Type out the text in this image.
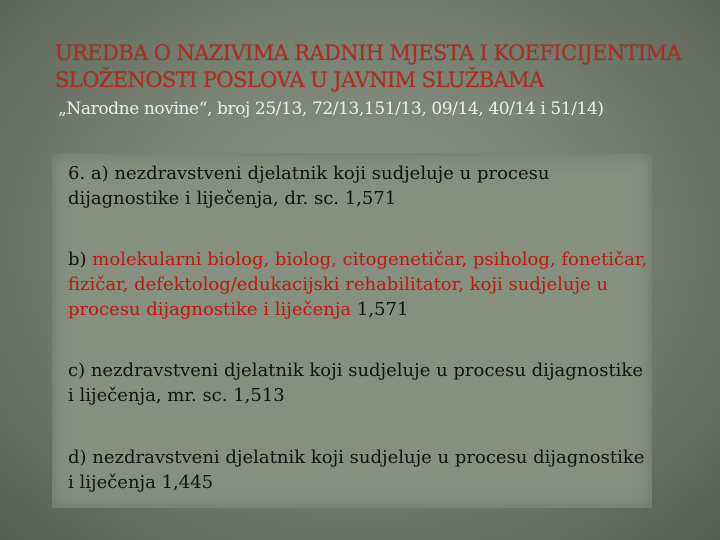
UREDBA O NAZIVIMA RADNIH MJESTA I KOEFICIJENTIMA SLOŽENOSTI POSLOVA U JAVNIM SLUŽBAMA

„Narodne novine“, broj 25/13, 72/13,151/13, 09/14, 40/14 i 51/14)

6. a) nezdravstveni djelatnik koji sudjeluje u procesu dijagnostike i liječenja, dr. sc. 1,571

b) molekularni biolog, biolog, citogenetičar, psiholog, fonetičar, fizičar, defektolog/edukacijski rehabilitator, koji sudjeluje u procesu dijagnostike i liječenja 1,571

c) nezdravstveni djelatnik koji sudjeluje u procesu dijagnostike i liječenja, mr. sc. 1,513

d) nezdravstveni djelatnik koji sudjeluje u procesu dijagnostike i liječenja 1,445
